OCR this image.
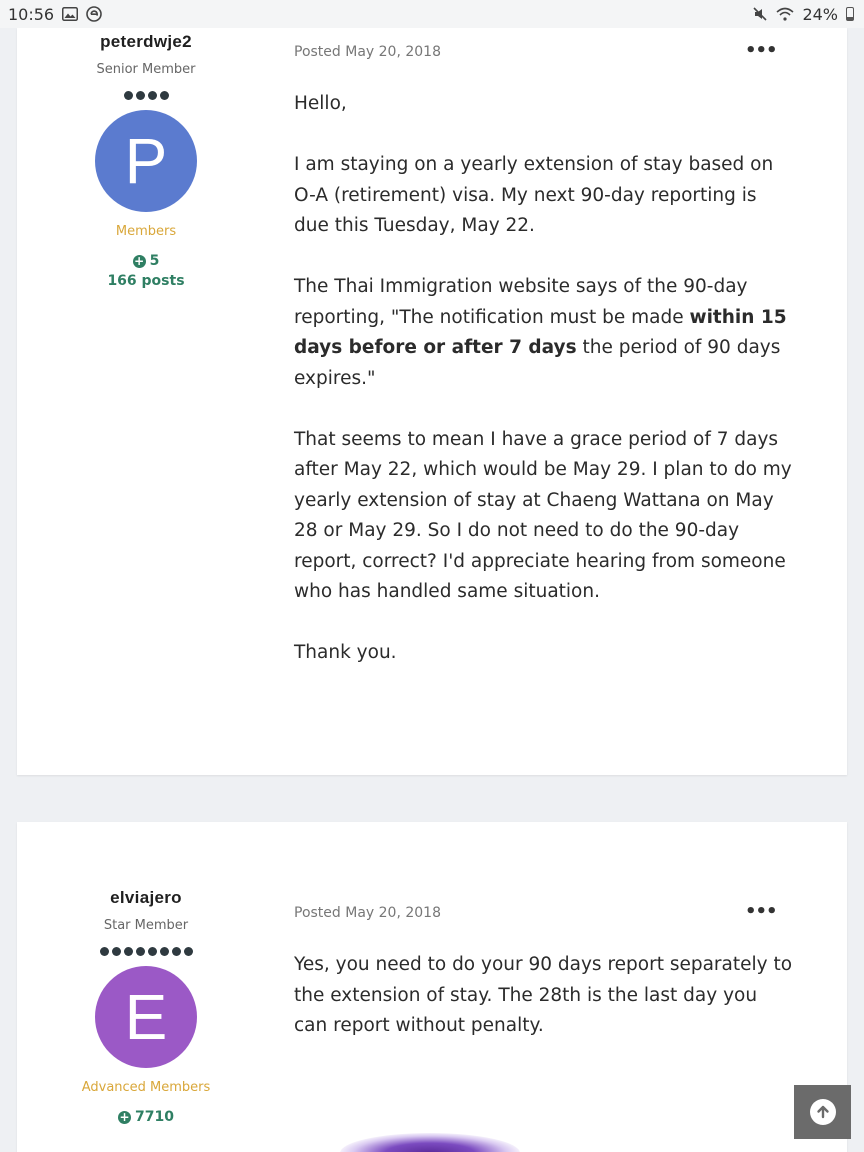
10:56	24%
peterdwje2
Senior Member
P
Members
+ 5
166 posts
Posted May 20, 2018	•••

Hello,

I am staying on a yearly extension of stay based on O-A (retirement) visa. My next 90-day reporting is due this Tuesday, May 22.

The Thai Immigration website says of the 90-day reporting, "The notification must be made within 15 days before or after 7 days the period of 90 days expires."

That seems to mean I have a grace period of 7 days after May 22, which would be May 29. I plan to do my yearly extension of stay at Chaeng Wattana on May 28 or May 29. So I do not need to do the 90-day report, correct? I'd appreciate hearing from someone who has handled same situation.

Thank you.

elviajero
Star Member
E
Advanced Members
+ 7710
Posted May 20, 2018	•••

Yes, you need to do your 90 days report separately to the extension of stay. The 28th is the last day you can report without penalty.
